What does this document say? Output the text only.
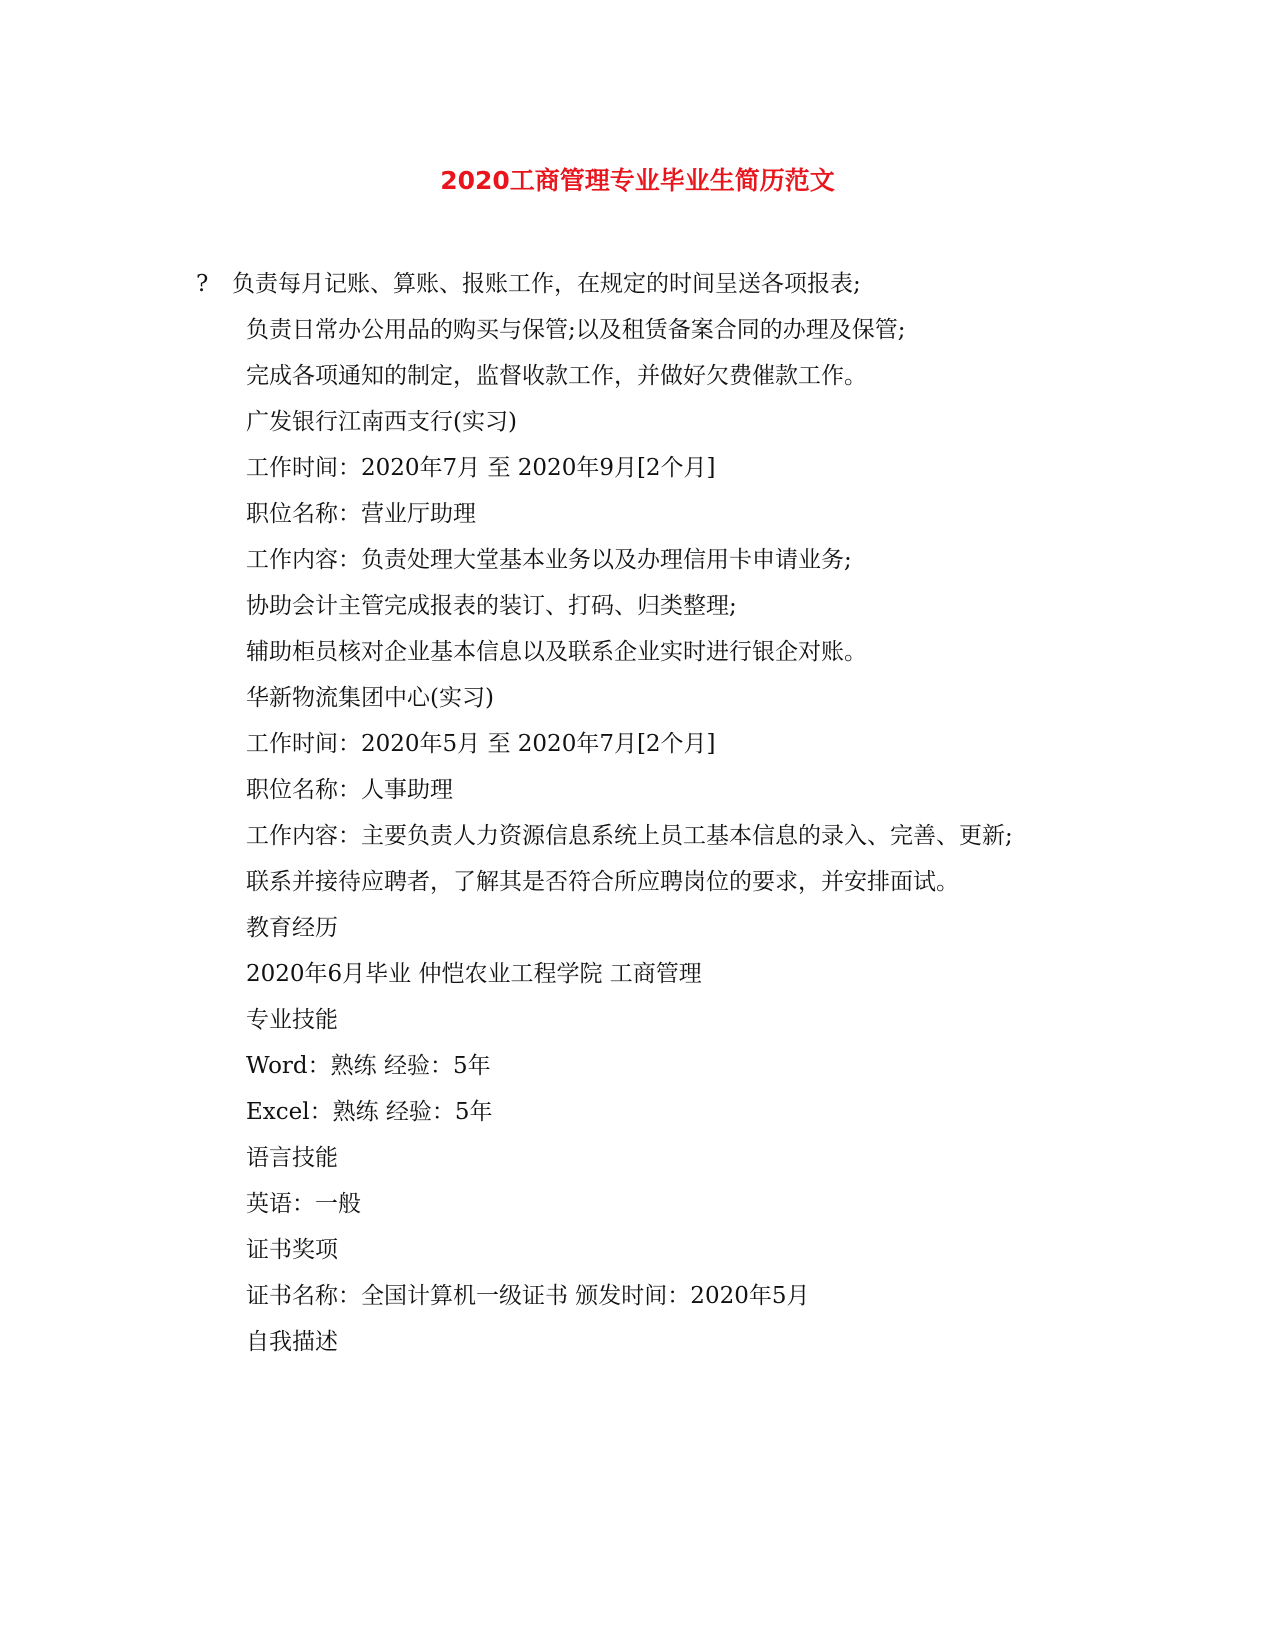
2020工商管理专业毕业生简历范文

? 负责每月记账、算账、报账工作，在规定的时间呈送各项报表;

负责日常办公用品的购买与保管;以及租赁备案合同的办理及保管;

完成各项通知的制定，监督收款工作，并做好欠费催款工作。

广发银行江南西支行(实习)

工作时间：2020年7月 至 2020年9月[2个月]

职位名称：营业厅助理

工作内容：负责处理大堂基本业务以及办理信用卡申请业务;

协助会计主管完成报表的装订、打码、归类整理;

辅助柜员核对企业基本信息以及联系企业实时进行银企对账。

华新物流集团中心(实习)

工作时间：2020年5月 至 2020年7月[2个月]

职位名称：人事助理

工作内容：主要负责人力资源信息系统上员工基本信息的录入、完善、更新;

联系并接待应聘者，了解其是否符合所应聘岗位的要求，并安排面试。

教育经历

2020年6月毕业 仲恺农业工程学院 工商管理

专业技能

Word：熟练 经验：5年

Excel：熟练 经验：5年

语言技能

英语：一般

证书奖项

证书名称：全国计算机一级证书 颁发时间：2020年5月

自我描述
